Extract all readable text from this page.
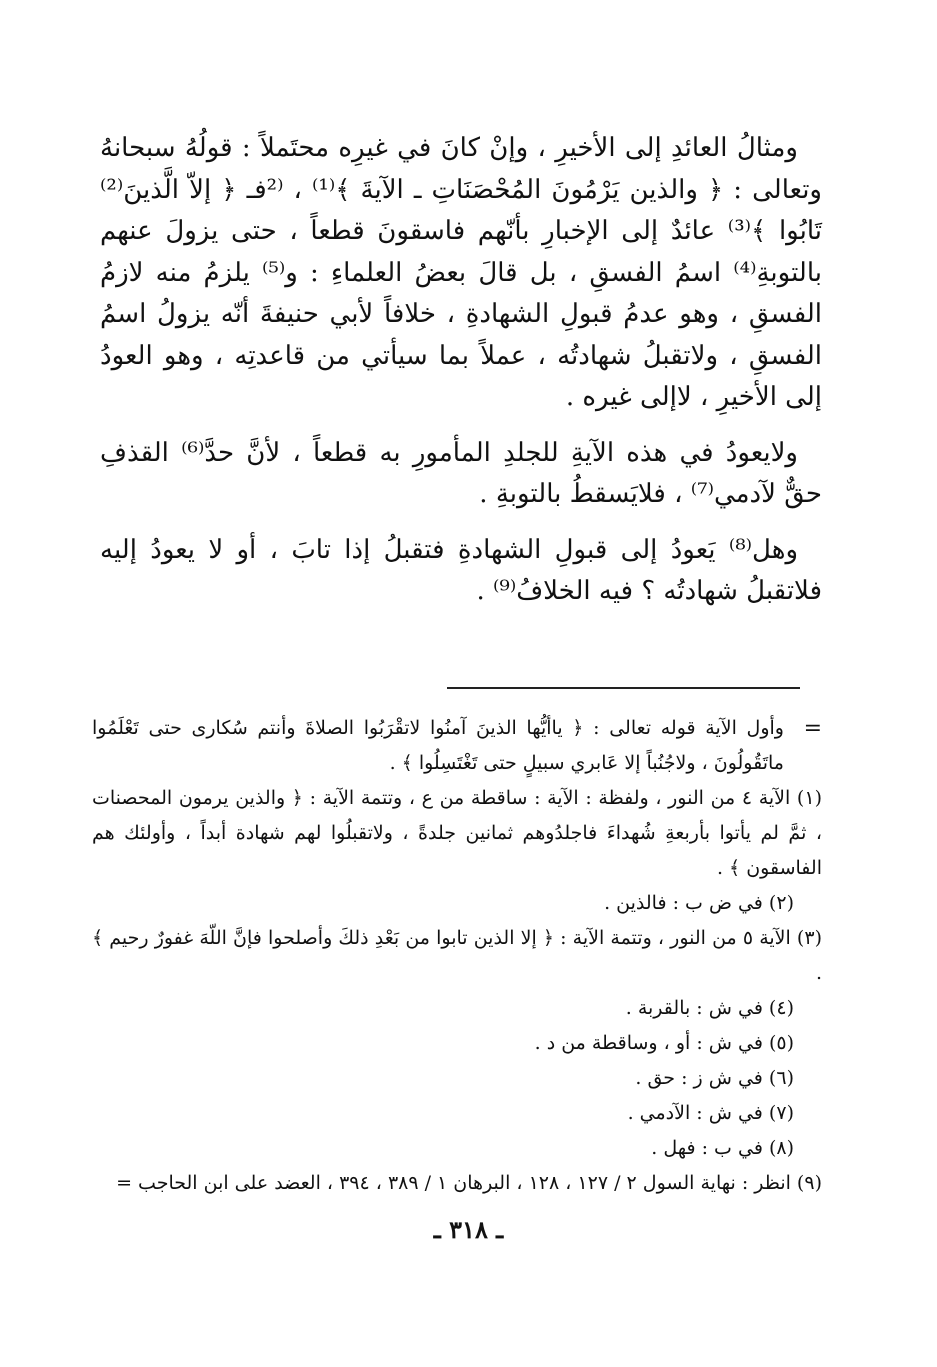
ومثالُ العائدِ إلى الأخيرِ ، وإنْ كانَ في غيرِه محتَملاً : قولُهُ سبحانهُ وتعالى : ﴿ والذين يَرْمُونَ المُحْصَنَاتِ ـ الآيةَ ﴾⁽¹⁾ ، ⁽²فـ ﴿ إلاّ الَّذينَ⁽²⁾ تَابُوا ﴾⁽³⁾ عائدٌ إلى الإخبارِ بأنّهم فاسقونَ قطعاً ، حتى يزولَ عنهم بالتوبةِ⁽⁴⁾ اسمُ الفسقِ ، بل قالَ بعضُ العلماءِ : و⁽⁵⁾ يلزمُ منه لازمُ الفسقِ ، وهو عدمُ قبولِ الشهادةِ ، خلافاً لأبي حنيفةَ أنّه يزولُ اسمُ الفسقِ ، ولاتقبلُ شهادتُه ، عملاً بما سيأتي من قاعدتِه ، وهو العودُ إلى الأخيرِ ، لاإلى غيره .

ولايعودُ في هذه الآيةِ للجلدِ المأمورِ به قطعاً ، لأنَّ حدَّ⁽⁶⁾ القذفِ حقٌّ لآدمي⁽⁷⁾ ، فلايَسقطُ بالتوبةِ .

وهل⁽⁸⁾ يَعودُ إلى قبولِ الشهادةِ فتقبلُ إذا تابَ ، أو لا يعودُ إليه فلاتقبلُ شهادتُه ؟ فيه الخلافُ⁽⁹⁾ .

=
وأول الآية قوله تعالى : ﴿ ياأيُّها الذينَ آمنُوا لاتقْرَبُوا الصلاةَ وأنتم سُكارى حتى تَعْلَمُوا ماتَقُولُونَ ، ولاجُنُباً إلا عَابري سبيلٍ حتى تَغْتَسِلُوا ﴾ .

(١) الآية ٤ من النور ، ولفظة : الآية : ساقطة من ع ، وتتمة الآية : ﴿ والذين يرمون المحصنات ، ثمَّ لم يأتوا بأربعةِ شُهداءَ فاجلدُوهم ثمانين جلدةً ، ولاتقبلُوا لهم شهادة أبداً ، وأولئك هم الفاسقون ﴾ .

(٢) في ض ب : فالذين .

(٣) الآية ٥ من النور ، وتتمة الآية : ﴿ إلا الذين تابوا من بَعْدِ ذلكَ وأصلحوا فإنَّ اللّهَ غفورٌ رحيم ﴾ .

(٤) في ش : بالقربة .

(٥) في ش : أو ، وساقطة من د .

(٦) في ش ز : حق .

(٧) في ش : الآدمي .

(٨) في ب : فهل .

(٩) انظر : نهاية السول ٢ / ١٢٧ ، ١٢٨ ، البرهان ١ / ٣٨٩ ، ٣٩٤ ، العضد على ابن الحاجب =

ـ ٣١٨ ـ
